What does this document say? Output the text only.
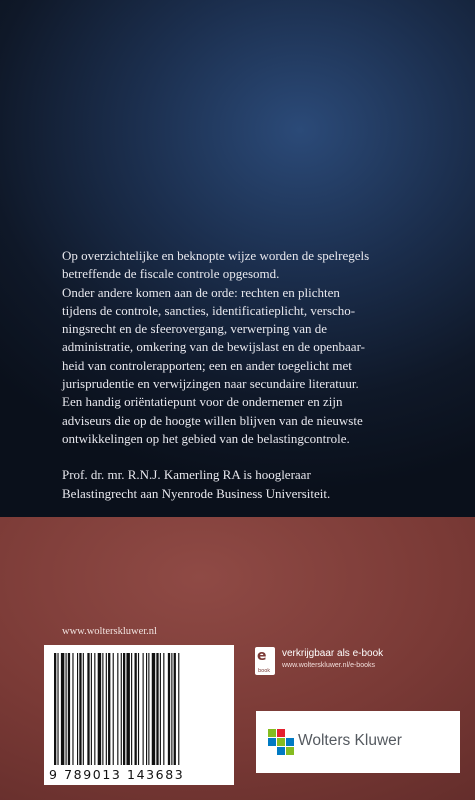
Op overzichtelijke en beknopte wijze worden de spelregels
betreffende de fiscale controle opgesomd.
Onder andere komen aan de orde: rechten en plichten
tijdens de controle, sancties, identificatieplicht, verscho-
ningsrecht en de sfeerovergang, verwerping van de
administratie, omkering van de bewijslast en de openbaar-
heid van controlerapporten; een en ander toegelicht met
jurisprudentie en verwijzingen naar secundaire literatuur.
Een handig oriëntatiepunt voor de ondernemer en zijn
adviseurs die op de hoogte willen blijven van de nieuwste
ontwikkelingen op het gebied van de belastingcontrole.

Prof. dr. mr. R.N.J. Kamerling RA is hoogleraar
Belastingrecht aan Nyenrode Business Universiteit.

www.wolterskluwer.nl
9 789013 143683
e
book
verkrijgbaar als e-book
www.wolterskluwer.nl/e-books
Wolters Kluwer
